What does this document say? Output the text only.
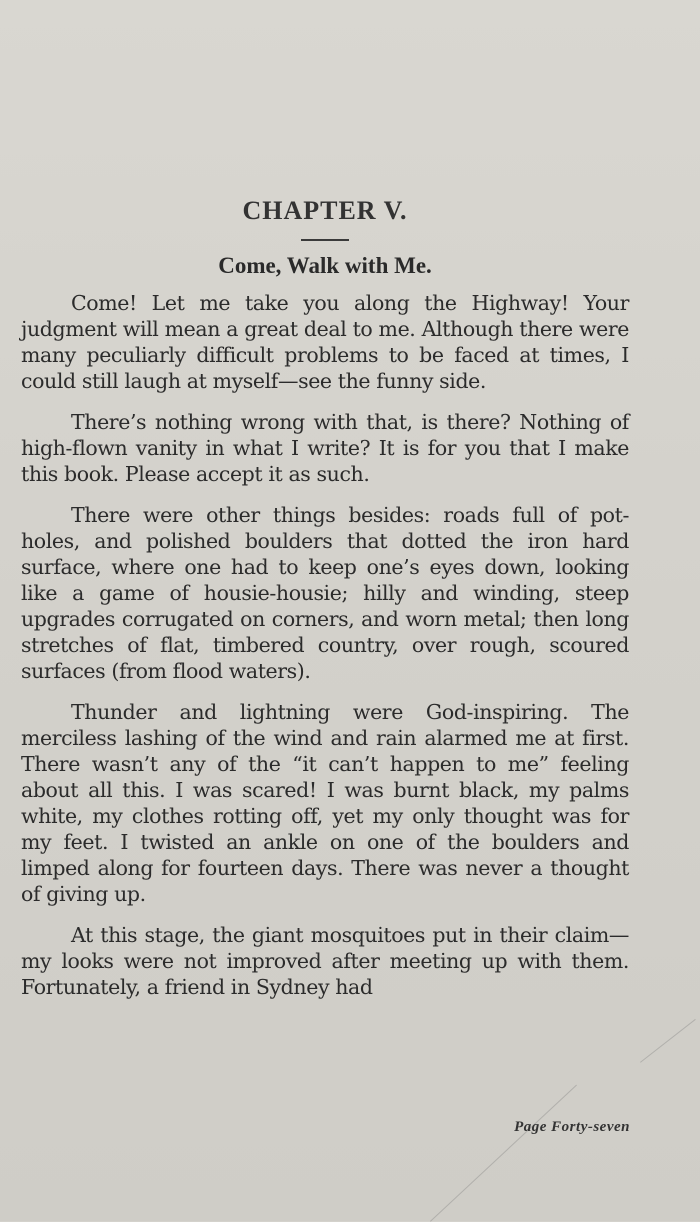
CHAPTER V.
Come, Walk with Me.

Come! Let me take you along the Highway! Your judgment will mean a great deal to me. Although there were many peculiarly difficult problems to be faced at times, I could still laugh at myself—see the funny side.

There’s nothing wrong with that, is there? Nothing of high-flown vanity in what I write? It is for you that I make this book. Please accept it as such.

There were other things besides: roads full of pot-holes, and polished boulders that dotted the iron hard surface, where one had to keep one’s eyes down, looking like a game of housie-housie; hilly and winding, steep upgrades corrugated on corners, and worn metal; then long stretches of flat, timbered country, over rough, scoured surfaces (from flood waters).

Thunder and lightning were God-inspiring. The merciless lashing of the wind and rain alarmed me at first. There wasn’t any of the “it can’t happen to me” feeling about all this. I was scared! I was burnt black, my palms white, my clothes rotting off, yet my only thought was for my feet. I twisted an ankle on one of the boulders and limped along for fourteen days. There was never a thought of giving up.

At this stage, the giant mosquitoes put in their claim—my looks were not improved after meeting up with them. Fortunately, a friend in Sydney had

Page Forty-seven
